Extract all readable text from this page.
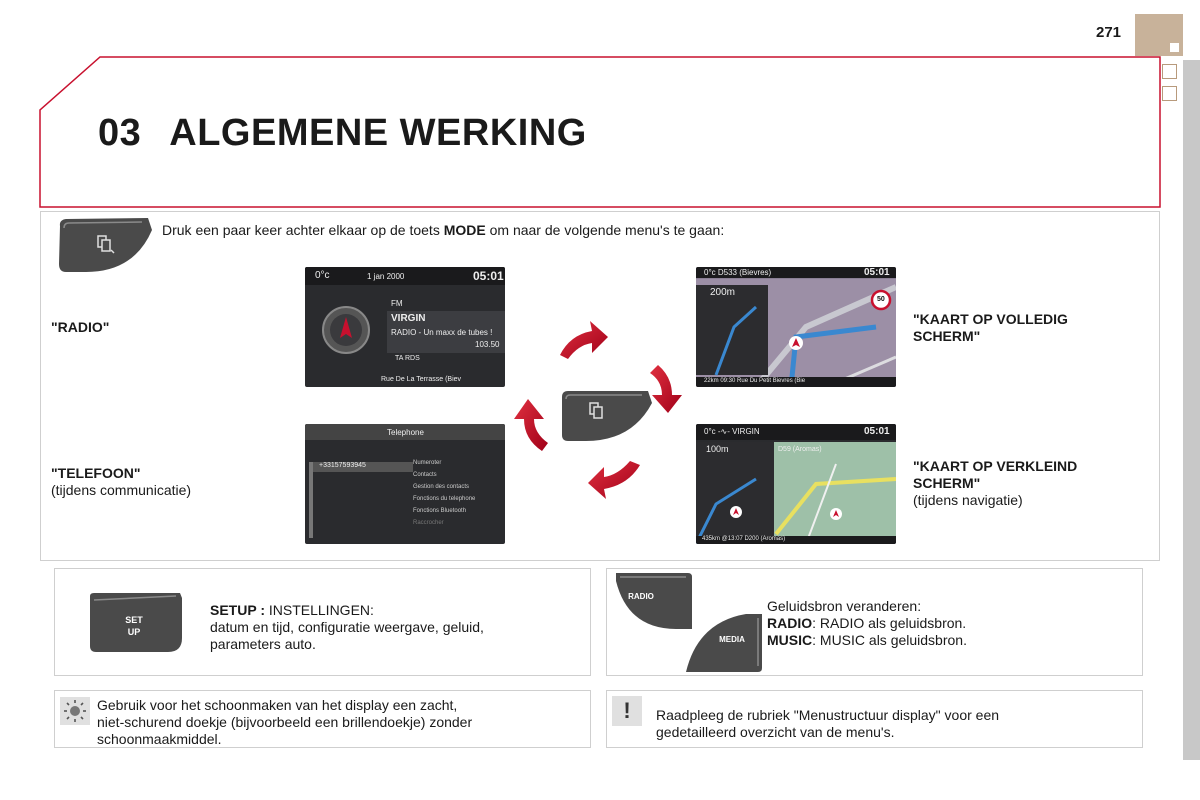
271
03 ALGEMENE WERKING
Druk een paar keer achter elkaar op de toets MODE om naar de volgende menu's te gaan:
"RADIO"
"TELEFOON"
(tijdens communicatie)
"KAART OP VOLLEDIG
SCHERM"
"KAART OP VERKLEIND
SCHERM"
(tijdens navigatie)
0°c	1 jan 2000	05:01
FM
VIRGIN
RADIO - Un maxx de tubes !
103.50
TA RDS
Rue De La Terrasse (Biev
Telephone
+33157593945	Numeroter
Contacts
Gestion des contacts
Fonctions du telephone
Fonctions Bluetooth
Raccrocher
0°c D533 (Bievres)	05:01
200m
50
22km 09:30 Rue Du Petit Bievres (Bie
0°c -∿- VIRGIN	05:01
100m	D59 (Aromas)
435km @13:07 D200 (Aromas)
SET
UP
SETUP : INSTELLINGEN:
datum en tijd, configuratie weergave, geluid,
parameters auto.
RADIO
MEDIA
Geluidsbron veranderen:
RADIO: RADIO als geluidsbron.
MUSIC: MUSIC als geluidsbron.
Gebruik voor het schoonmaken van het display een zacht,
niet-schurend doekje (bijvoorbeeld een brillendoekje) zonder
schoonmaakmiddel.
!	Raadpleeg de rubriek "Menustructuur display" voor een
gedetailleerd overzicht van de menu's.
